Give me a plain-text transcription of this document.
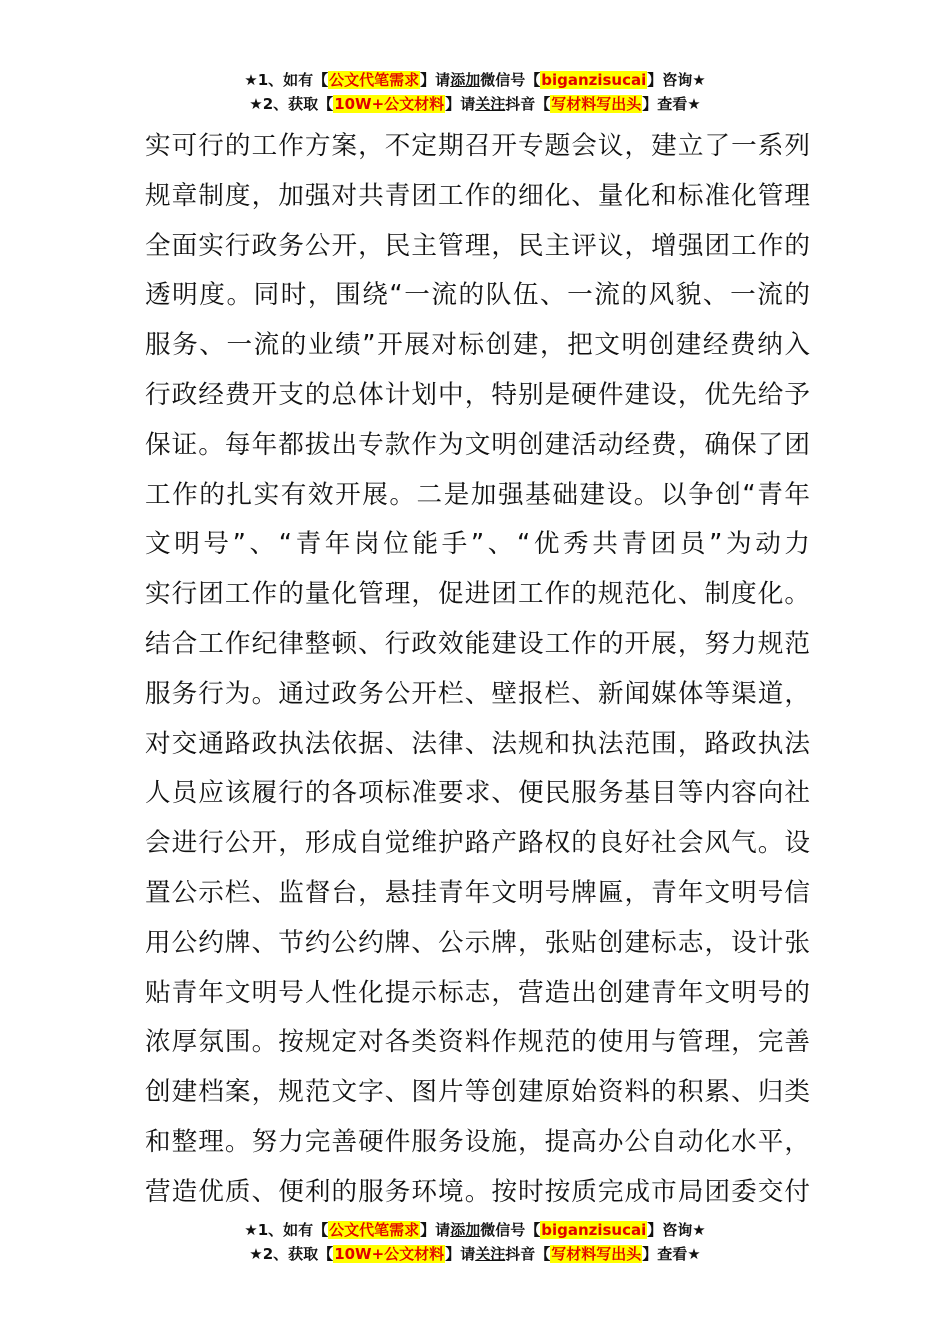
★1、如有【公文代笔需求】请添加微信号【biganzisucai】咨询★
★2、获取【10W+公文材料】请关注抖音【写材料写出头】查看★
实可行的工作方案，不定期召开专题会议，建立了一系列
规章制度，加强对共青团工作的细化、量化和标准化管理
全面实行政务公开，民主管理，民主评议，增强团工作的
透明度。同时，围绕“一流的队伍、一流的风貌、一流的
服务、一流的业绩”开展对标创建，把文明创建经费纳入
行政经费开支的总体计划中，特别是硬件建设，优先给予
保证。每年都拔出专款作为文明创建活动经费，确保了团
工作的扎实有效开展。二是加强基础建设。以争创“青年
文明号”、“青年岗位能手”、“优秀共青团员”为动力
实行团工作的量化管理，促进团工作的规范化、制度化。
结合工作纪律整顿、行政效能建设工作的开展，努力规范
服务行为。通过政务公开栏、壁报栏、新闻媒体等渠道，
对交通路政执法依据、法律、法规和执法范围，路政执法
人员应该履行的各项标准要求、便民服务基目等内容向社
会进行公开，形成自觉维护路产路权的良好社会风气。设
置公示栏、监督台，悬挂青年文明号牌匾，青年文明号信
用公约牌、节约公约牌、公示牌，张贴创建标志，设计张
贴青年文明号人性化提示标志，营造出创建青年文明号的
浓厚氛围。按规定对各类资料作规范的使用与管理，完善
创建档案，规范文字、图片等创建原始资料的积累、归类
和整理。努力完善硬件服务设施，提高办公自动化水平，
营造优质、便利的服务环境。按时按质完成市局团委交付
★1、如有【公文代笔需求】请添加微信号【biganzisucai】咨询★
★2、获取【10W+公文材料】请关注抖音【写材料写出头】查看★
